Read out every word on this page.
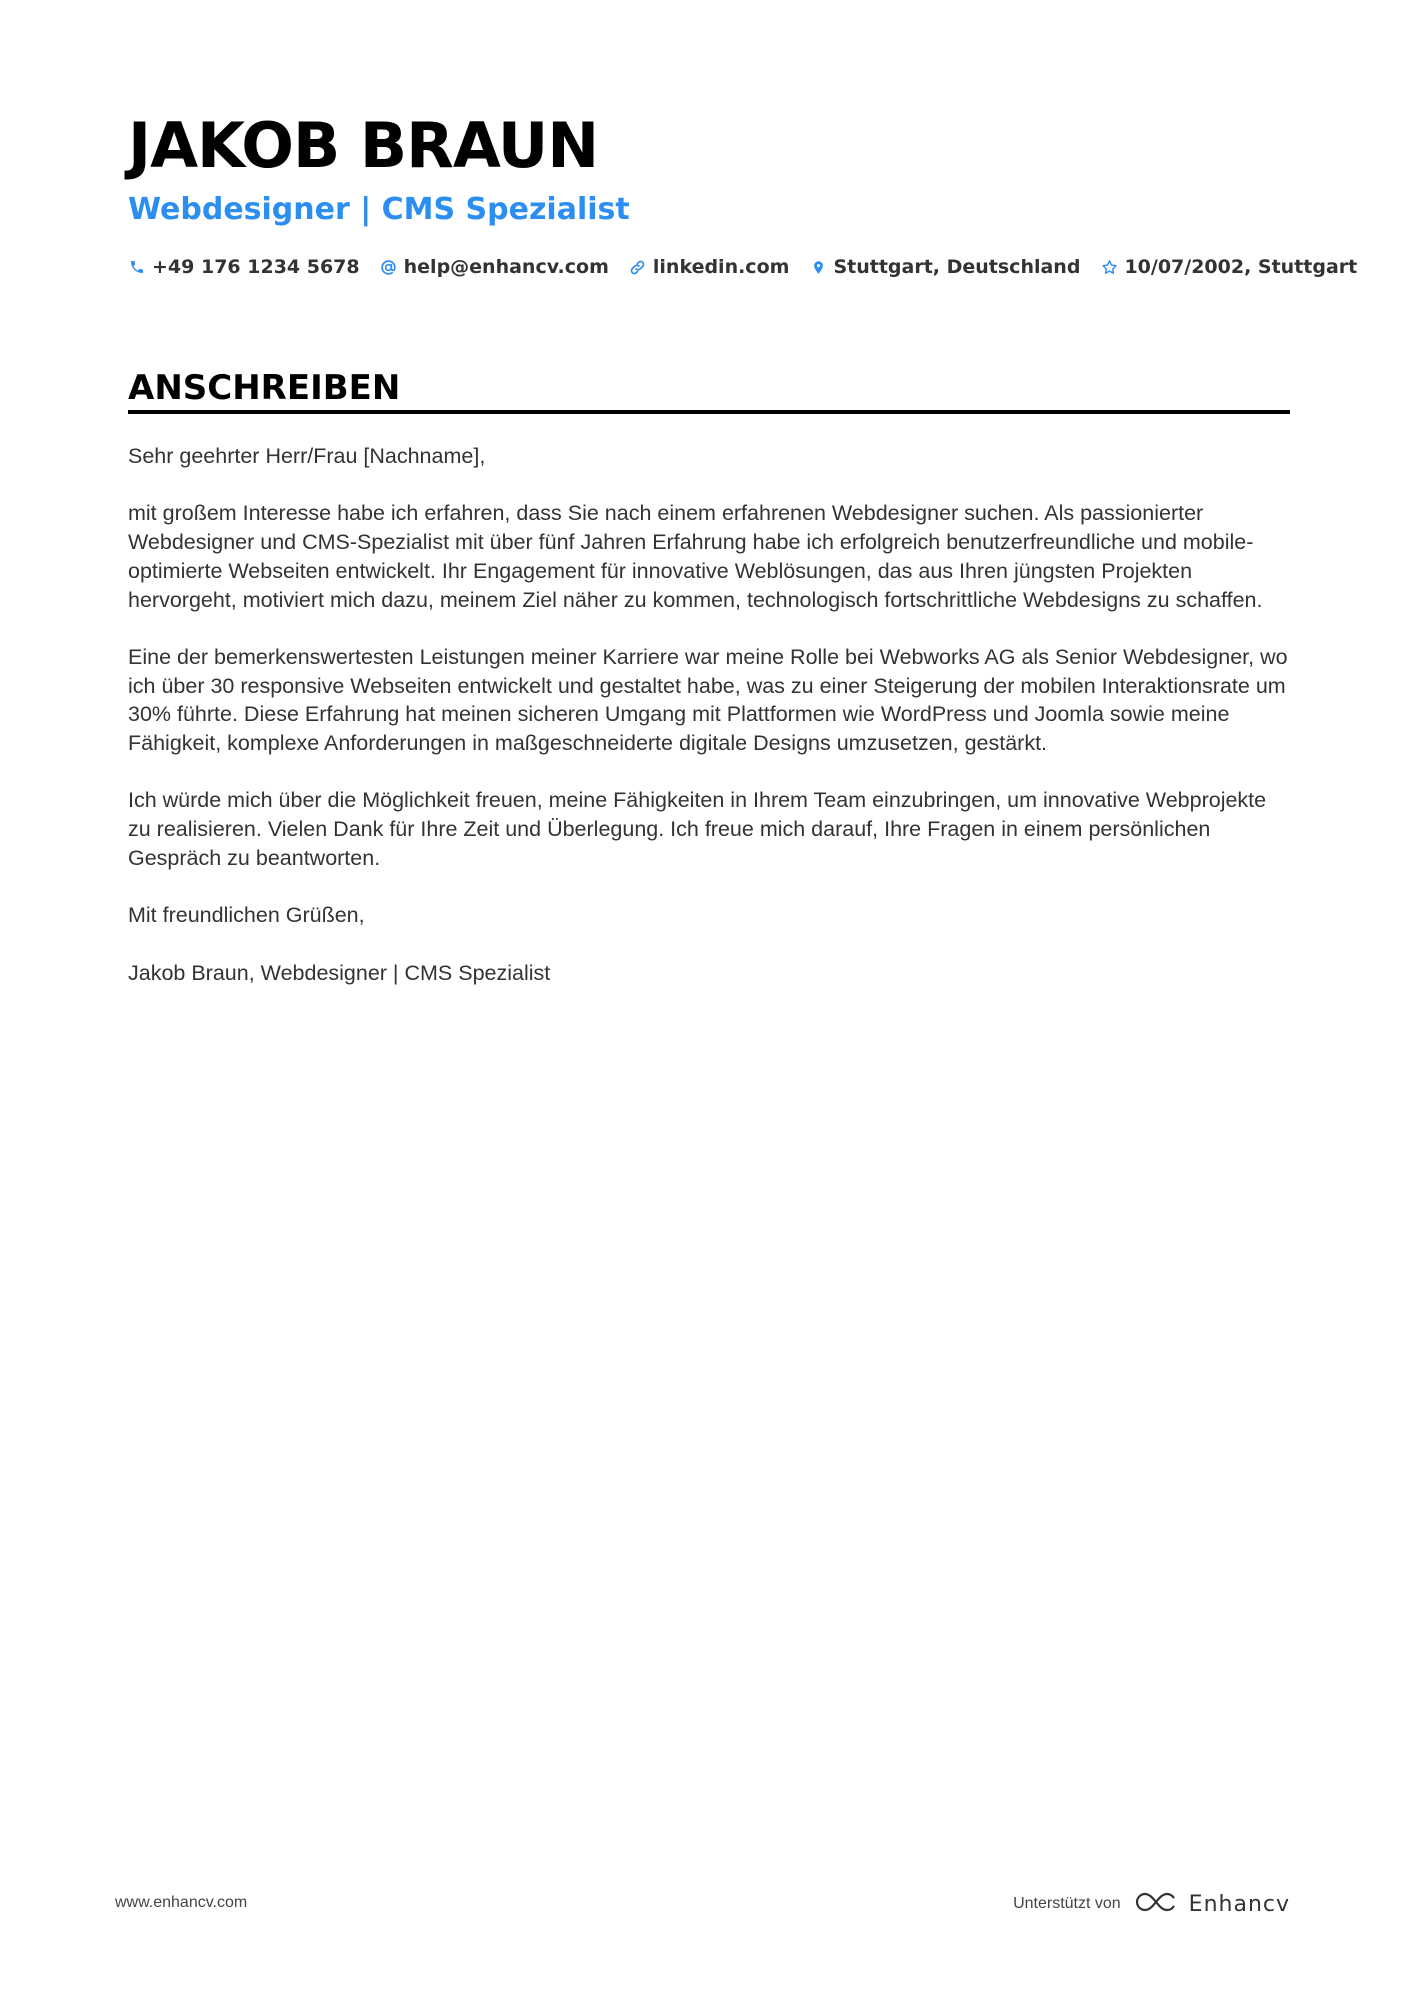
JAKOB BRAUN
Webdesigner | CMS Spezialist
+49 176 1234 5678 help@enhancv.com linkedin.com Stuttgart, Deutschland 10/07/2002, Stuttgart
ANSCHREIBEN

Sehr geehrter Herr/Frau [Nachname],

mit großem Interesse habe ich erfahren, dass Sie nach einem erfahrenen Webdesigner suchen. Als passionierter Webdesigner und CMS-Spezialist mit über fünf Jahren Erfahrung habe ich erfolgreich benutzerfreundliche und mobile-optimierte Webseiten entwickelt. Ihr Engagement für innovative Weblösungen, das aus Ihren jüngsten Projekten hervorgeht, motiviert mich dazu, meinem Ziel näher zu kommen, technologisch fortschrittliche Webdesigns zu schaffen.

Eine der bemerkenswertesten Leistungen meiner Karriere war meine Rolle bei Webworks AG als Senior Webdesigner, wo ich über 30 responsive Webseiten entwickelt und gestaltet habe, was zu einer Steigerung der mobilen Interaktionsrate um 30% führte. Diese Erfahrung hat meinen sicheren Umgang mit Plattformen wie WordPress und Joomla sowie meine Fähigkeit, komplexe Anforderungen in maßgeschneiderte digitale Designs umzusetzen, gestärkt.

Ich würde mich über die Möglichkeit freuen, meine Fähigkeiten in Ihrem Team einzubringen, um innovative Webprojekte zu realisieren. Vielen Dank für Ihre Zeit und Überlegung. Ich freue mich darauf, Ihre Fragen in einem persönlichen Gespräch zu beantworten.

Mit freundlichen Grüßen,

Jakob Braun, Webdesigner | CMS Spezialist

www.enhancv.com	Unterstützt von	Enhancv
